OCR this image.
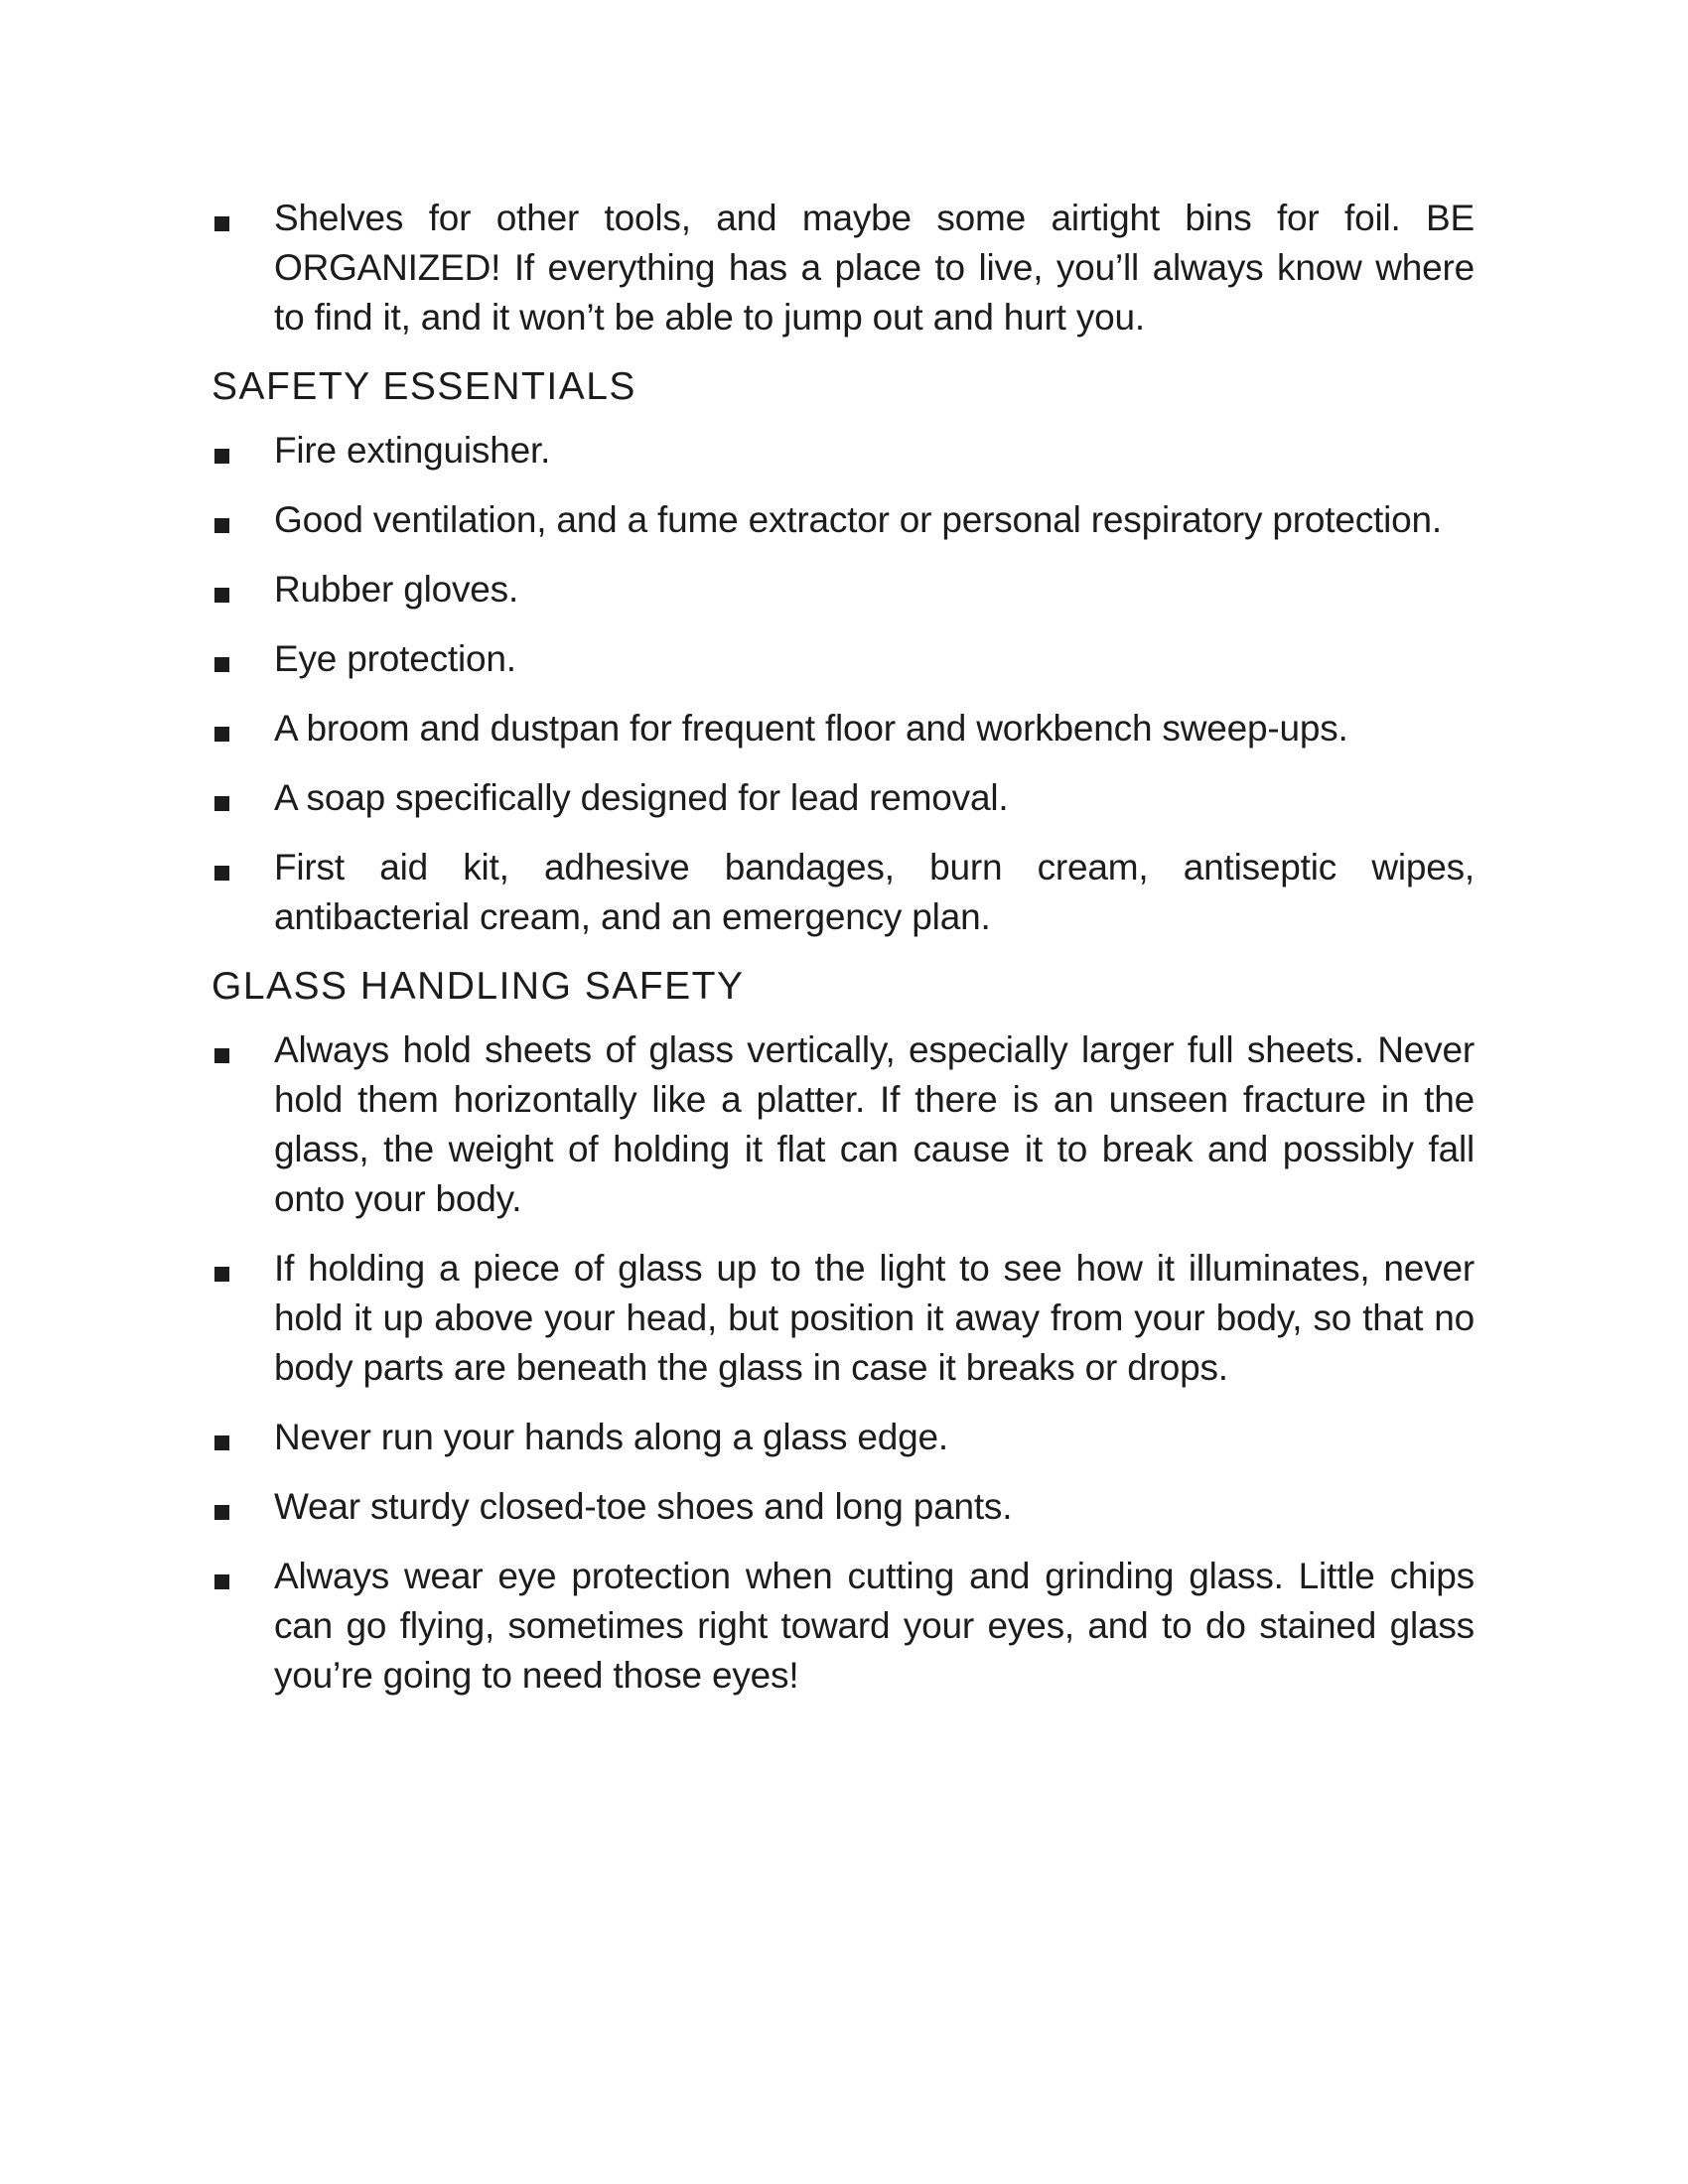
Shelves for other tools, and maybe some airtight bins for foil. BE ORGANIZED! If everything has a place to live, you’ll always know where to find it, and it won’t be able to jump out and hurt you.
SAFETY ESSENTIALS
Fire extinguisher.
Good ventilation, and a fume extractor or personal respiratory protection.
Rubber gloves.
Eye protection.
A broom and dustpan for frequent floor and workbench sweep-ups.
A soap specifically designed for lead removal.
First aid kit, adhesive bandages, burn cream, antiseptic wipes, antibacterial cream, and an emergency plan.
GLASS HANDLING SAFETY
Always hold sheets of glass vertically, especially larger full sheets. Never hold them horizontally like a platter. If there is an unseen fracture in the glass, the weight of holding it flat can cause it to break and possibly fall onto your body.
If holding a piece of glass up to the light to see how it illuminates, never hold it up above your head, but position it away from your body, so that no body parts are beneath the glass in case it breaks or drops.
Never run your hands along a glass edge.
Wear sturdy closed-toe shoes and long pants.
Always wear eye protection when cutting and grinding glass. Little chips can go flying, sometimes right toward your eyes, and to do stained glass you’re going to need those eyes!
